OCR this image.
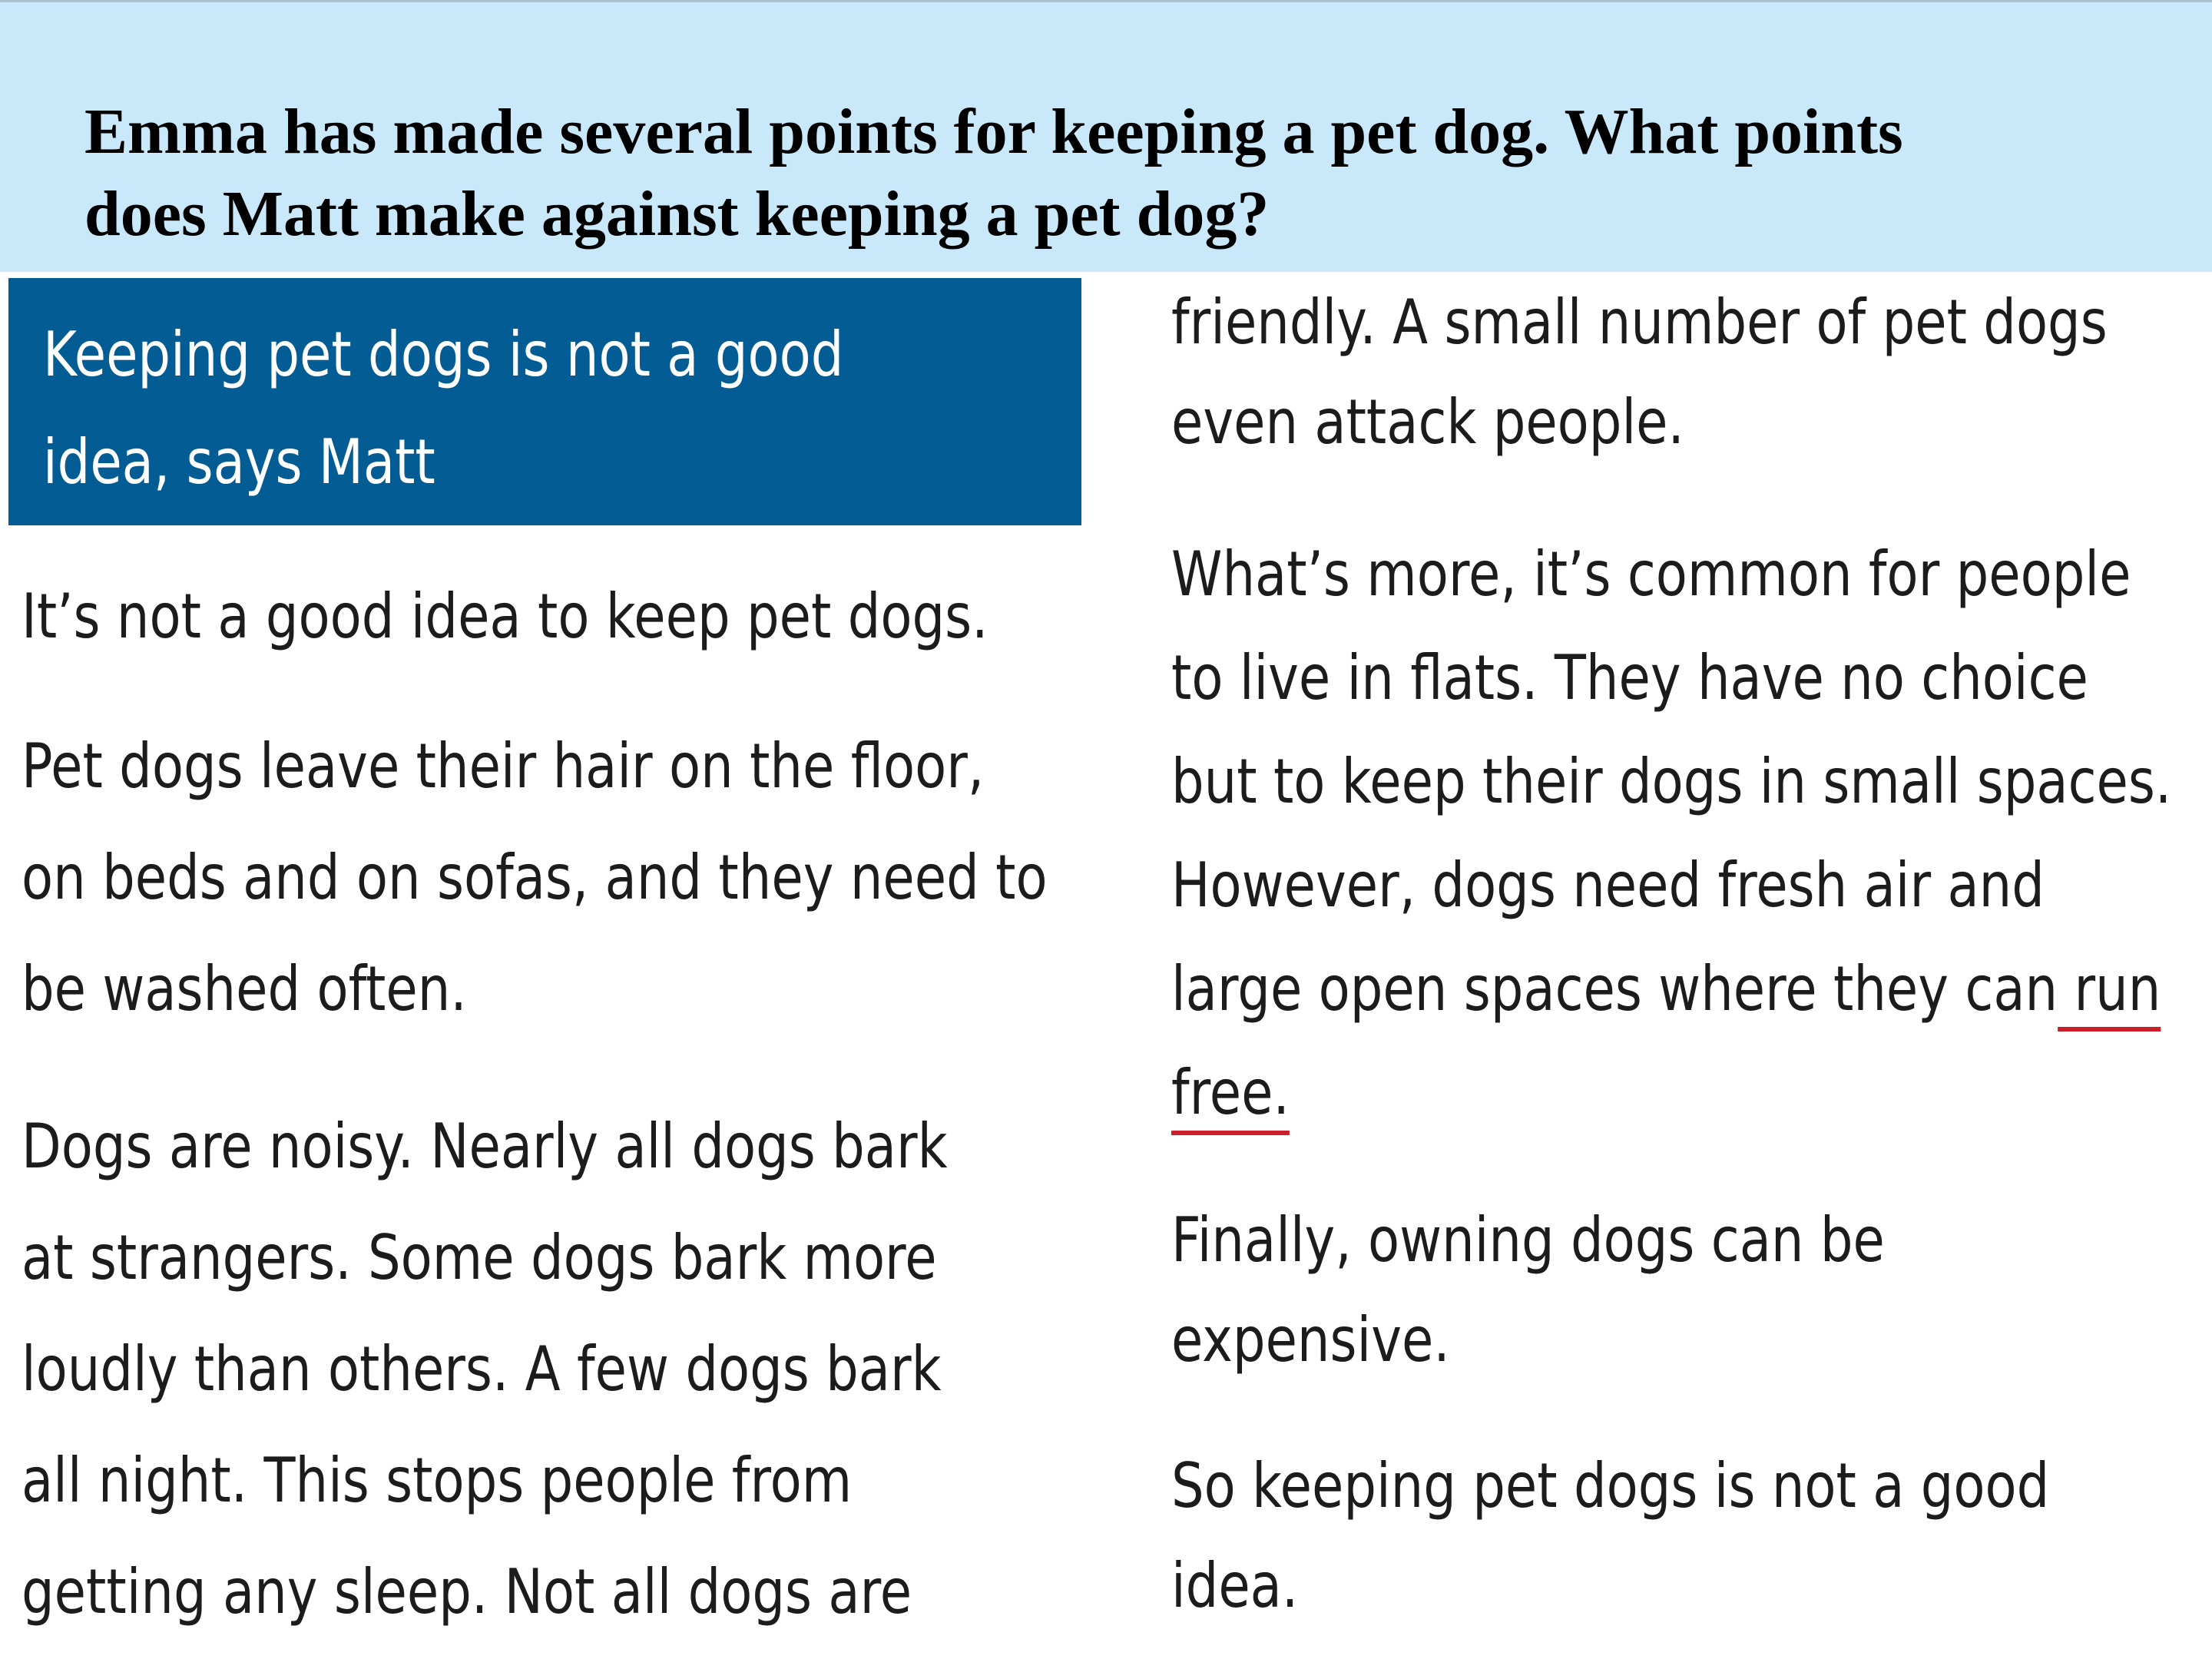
Emma has made several points for keeping a pet dog. What points
does Matt make against keeping a pet dog?

Keeping pet dogs is not a good
idea, says Matt

It’s not a good idea to keep pet dogs.

Pet dogs leave their hair on the floor,
on beds and on sofas, and they need to
be washed often.

Dogs are noisy. Nearly all dogs bark
at strangers. Some dogs bark more
loudly than others. A few dogs bark
all night. This stops people from
getting any sleep. Not all dogs are

friendly. A small number of pet dogs
even attack people.

What’s more, it’s common for people
to live in flats. They have no choice
but to keep their dogs in small spaces.
However, dogs need fresh air and
large open spaces where they can run
free.

Finally, owning dogs can be
expensive.

So keeping pet dogs is not a good
idea.
